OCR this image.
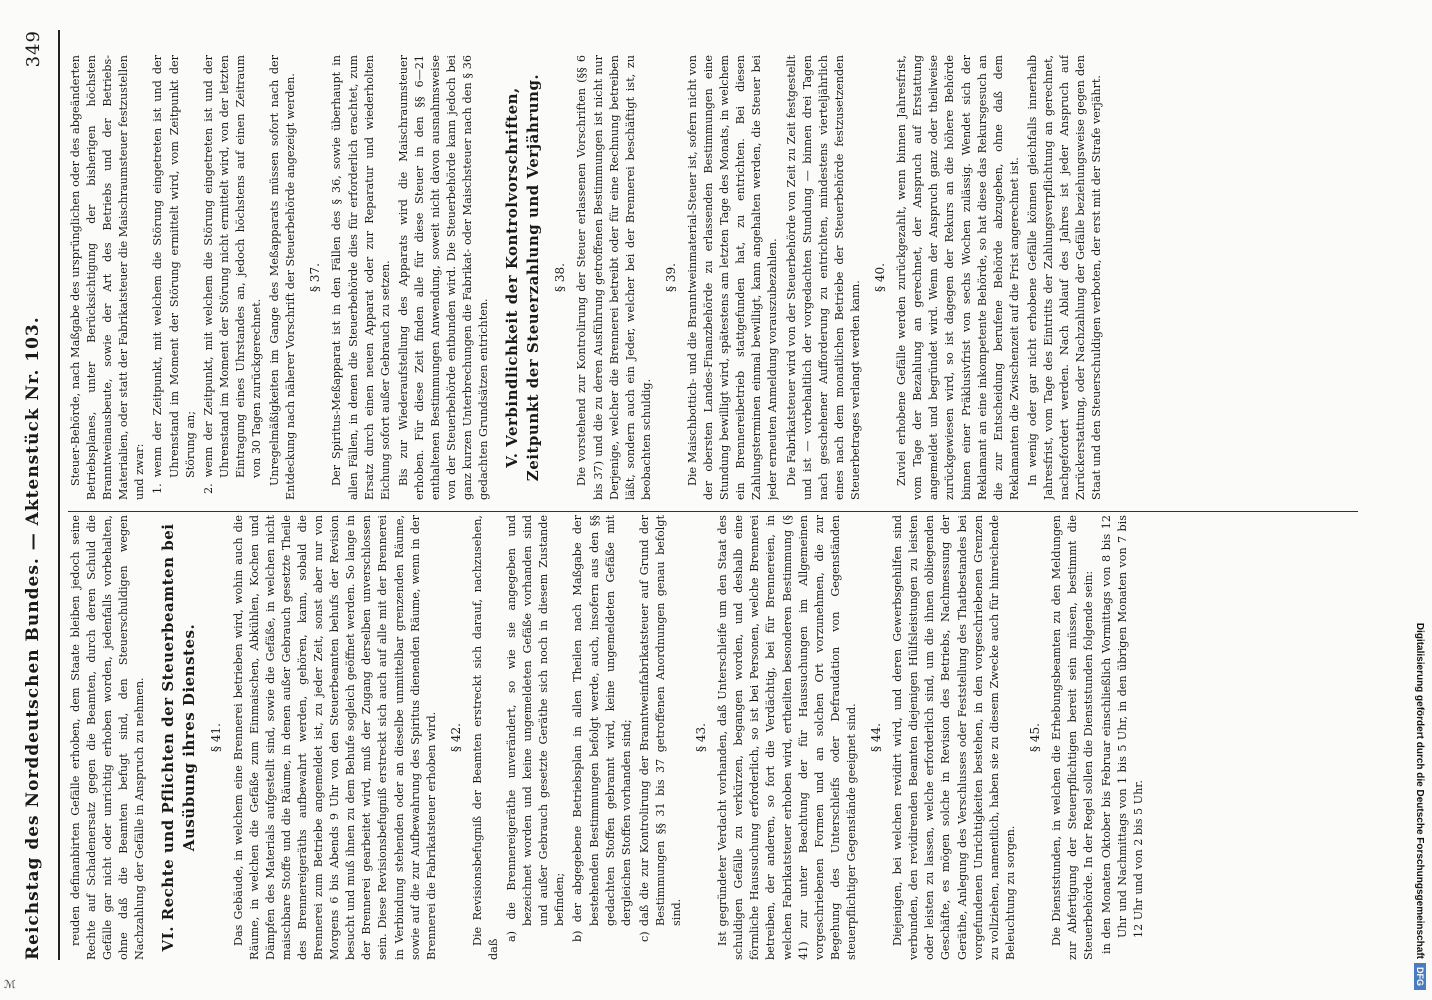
Reichstag des Norddeutschen Bundes. — Aktenstück Nr. 103.
349

reuden definanbirten Gefälle erhoben, dem Staate bleiben jedoch seine Rechte auf Schadenersatz gegen die Beamten, durch deren Schuld die Gefälle gar nicht oder unrichtig erhoben worden, jedenfalls vorbehalten, ohne daß die Beamten befugt sind, den Steuerschuldigen wegen Nachzahlung der Gefälle in Anspruch zu nehmen. VI. Rechte und Pflichten der Steuerbeamten bei Ausübung ihres Dienstes. § 41. Das Gebäude, in welchem eine Brennerei betrieben wird, wohin auch die Räume, in welchen die Gefäße zum Einmaischen, Abkühlen, Kochen und Dämpfen des Materials aufgestellt sind, sowie die Gefäße, in welchen nicht maischbare Stoffe und die Räume, in denen außer Gebrauch gesetzte Theile des Brennereigeräths aufbewahrt werden, gehören, kann, sobald die Brennerei zum Betriebe angemeldet ist, zu jeder Zeit, sonst aber nur von Morgens 6 bis Abends 9 Uhr von den Steuerbeamten behufs der Revision besucht und muß ihnen zu dem Behufe sogleich geöffnet werden. So lange in der Brennerei gearbeitet wird, muß der Zugang derselben unverschlossen sein. Diese Revisionsbefugniß erstreckt sich auch auf alle mit der Brennerei in Verbindung stehenden oder an dieselbe unmittelbar grenzenden Räume, sowie auf die zur Aufbewahrung des Spiritus dienenden Räume, wenn in der Brennerei die Fabrikatsteuer erhoben wird. § 42. Die Revisionsbefugniß der Beamten erstreckt sich darauf, nachzusehen, daß

a) die Brennereigeräthe unverändert, so wie sie angegeben und bezeichnet worden und keine ungemeldeten Gefäße vorhanden sind und außer Gebrauch gesetzte Geräthe sich noch in diesem Zustande befinden; b) der abgegebene Betriebsplan in allen Theilen nach Maßgabe der bestehenden Bestimmungen befolgt werde, auch, insofern aus den §§ gedachten Stoffen gebrannt wird, keine ungemeldeten Gefäße mit dergleichen Stoffen vorhanden sind; c) daß die zur Kontrolirung der Branntweinfabrikatsteuer auf Grund der Bestimmungen §§ 31 bis 37 getroffenen Anordnungen genau befolgt sind.

§ 43. Ist gegründeter Verdacht vorhanden, daß Unterschleife um den Staat des schuldigen Gefälle zu verkürzen, begangen worden, und deshalb eine förmliche Haussuchung erforderlich, so ist bei Personen, welche Brennerei betreiben, der anderen, so fort die Verdächtig, bei für Brennereien, in welchen Fabrikatsteuer erhoben wird, ertheilten besonderen Bestimmung (§ 41) zur unter Beachtung der für Haussuchungen im Allgemeinen vorgeschriebenen Formen und an solchen Ort vorzunehmen, die zur Begehung des Unterschleifs oder Defraudation von Gegenständen steuerpflichtiger Gegenstände geeignet sind. § 44. Diejenigen, bei welchen revidirt wird, und deren Gewerbsgehilfen sind verbunden, den revidirenden Beamten diejenigen Hülfsleistungen zu leisten oder leisten zu lassen, welche erforderlich sind, um die ihnen obliegenden Geschäfte, es mögen solche in Revision des Betriebs, Nachmessung der Geräthe, Anlegung des Verschlusses oder Feststellung des Thatbestandes bei vorgefundenen Unrichtigkeiten bestehen, in den vorgeschriebenen Grenzen zu vollziehen, namentlich, haben sie zu diesem Zwecke auch für hinreichende Beleuchtung zu sorgen.

§ 45. Die Dienststunden, in welchen die Erhebungsbeamten zu den Meldungen zur Abfertigung der Steuerpflichtigen bereit sein müssen, bestimmt die Steuerbehörde. In der Regel sollen die Dienststunden folgende sein: in den Monaten Oktober bis Februar einschließlich Vormittags von 8 bis 12 Uhr und Nachmittags von 1 bis 5 Uhr, in den übrigen Monaten von 7 bis 12 Uhr und von 2 bis 5 Uhr.

Steuer-Behörde, nach Maßgabe des ursprünglichen oder des abgeänderten Betriebsplanes, unter Berücksichtigung der bisherigen höchsten Branntweinausbeute, sowie der Art des Betriebs und der Betriebs-Materialien, oder statt der Fabrikatsteuer die Maischraumsteuer festzustellen und zwar: 1. wenn der Zeitpunkt, mit welchem die Störung eingetreten ist und der Uhrenstand im Moment der Störung ermittelt wird, vom Zeitpunkt der Störung an; 2. wenn der Zeitpunkt, mit welchem die Störung eingetreten ist und der Uhrenstand im Moment der Störung nicht ermittelt wird, von der letzten Eintragung eines Uhrstandes an, jedoch höchstens auf einen Zeitraum von 30 Tagen zurückgerechnet. Unregelmäßigkeiten im Gange des Meßapparats müssen sofort nach der Entdeckung nach näherer Vorschrift der Steuerbehörde angezeigt werden. § 37. Der Spiritus-Meßapparat ist in den Fällen des § 36, sowie überhaupt in allen Fällen, in denen die Steuerbehörde dies für erforderlich erachtet, zum Ersatz durch einen neuen Apparat oder zur Reparatur und wiederholten Eichung sofort außer Gebrauch zu setzen. Bis zur Wiederaufstellung des Apparats wird die Maischraumsteuer erhoben. Für diese Zeit finden alle für diese Steuer in den §§ 6—21 enthaltenen Bestimmungen Anwendung, soweit nicht davon ausnahmsweise von der Steuerbehörde entbunden wird. Die Steuerbehörde kann jedoch bei ganz kurzen Unterbrechungen die Fabrikat- oder Maischsteuer nach den § 36 gedachten Grundsätzen entrichten. V. Verbindlichkeit der Kontrolvorschriften, Zeitpunkt der Steuerzahlung und Verjährung. § 38. Die vorstehend zur Kontrolirung der Steuer erlassenen Vorschriften (§§ 6 bis 37) und die zu deren Ausführung getroffenen Bestimmungen ist nicht nur Derjenige, welcher die Brennerei betreibt oder für eine Rechnung betreiben läßt, sondern auch ein Jeder, welcher bei der Brennerei beschäftigt ist, zu beobachten schuldig.

§ 39. Die Maischbottich- und die Branntweinmaterial-Steuer ist, sofern nicht von der obersten Landes-Finanzbehörde zu erlassenden Bestimmungen eine Stundung bewilligt wird, spätestens am letzten Tage des Monats, in welchem ein Brennereibetrieb stattgefunden hat, zu entrichten. Bei diesen Zahlungsterminen einmal bewilligt, kann angehalten werden, die Steuer bei jeder erneuten Anmeldung vorauszubezahlen. Die Fabrikatsteuer wird von der Steuerbehörde von Zeit zu Zeit festgestellt und ist — vorbehaltlich der vorgedachten Stundung — binnen drei Tagen nach geschehener Aufforderung zu entrichten, mindestens vierteljährlich eines nach dem monatlichen Betriebe der Steuerbehörde festzusetzenden Steuerbetrages verlangt werden kann.

§ 40. Zuviel erhobene Gefälle werden zurückgezahlt, wenn binnen Jahresfrist, vom Tage der Bezahlung an gerechnet, der Anspruch auf Erstattung angemeldet und begründet wird. Wenn der Anspruch ganz oder theilweise zurückgewiesen wird, so ist dagegen der Rekurs an die höhere Behörde binnen einer Präklusivfrist von sechs Wochen zulässig. Wendet sich der Reklamant an eine inkompetente Behörde, so hat diese das Rekursgesuch an die zur Entscheidung berufene Behörde abzugeben, ohne daß dem Reklamanten die Zwischenzeit auf die Frist angerechnet ist. In wenig oder gar nicht erhobene Gefälle können gleichfalls innerhalb Jahresfrist, vom Tage des Eintritts der Zahlungsverpflichtung an gerechnet, nachgefordert werden. Nach Ablauf des Jahres ist jeder Anspruch auf Zurückerstattung, oder Nachzahlung der Gefälle beziehungsweise gegen den Staat und den Steuerschuldigen verboten, der erst mit der Strafe verjährt.

Digitalisierung gefördert durch die Deutsche Forschungsgemeinschaft
DFG
ℳ
